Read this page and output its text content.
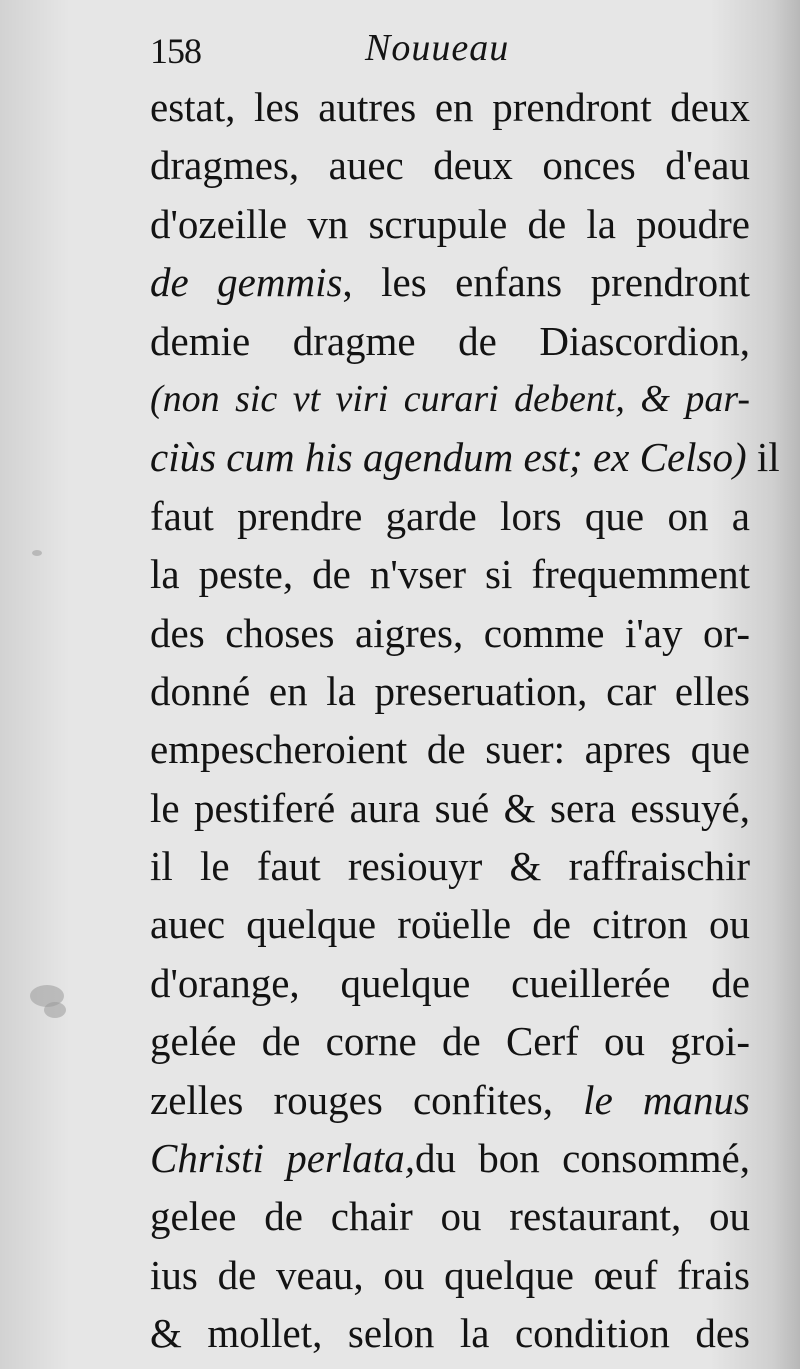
158	Nouueau
estat, les autres en prendront deux
dragmes, auec deux onces d'eau
d'ozeille vn scrupule de la poudre
de gemmis, les enfans prendront
demie dragme de Diascordion,
(non sic vt viri curari debent, & par-
ciùs cum his agendum est; ex Celso) il
faut prendre garde lors que on a
la peste, de n'vser si frequemment
des choses aigres, comme i'ay or-
donné en la preseruation, car elles
empescheroient de suer: apres que
le pestiferé aura sué & sera essuyé,
il le faut resiouyr & raffraischir
auec quelque roüelle de citron ou
d'orange, quelque cueillerée de
gelée de corne de Cerf ou groi-
zelles rouges confites, le manus
Christi perlata,du bon consommé,
gelee de chair ou restaurant, ou
ius de veau, ou quelque œuf frais
& mollet, selon la condition des
